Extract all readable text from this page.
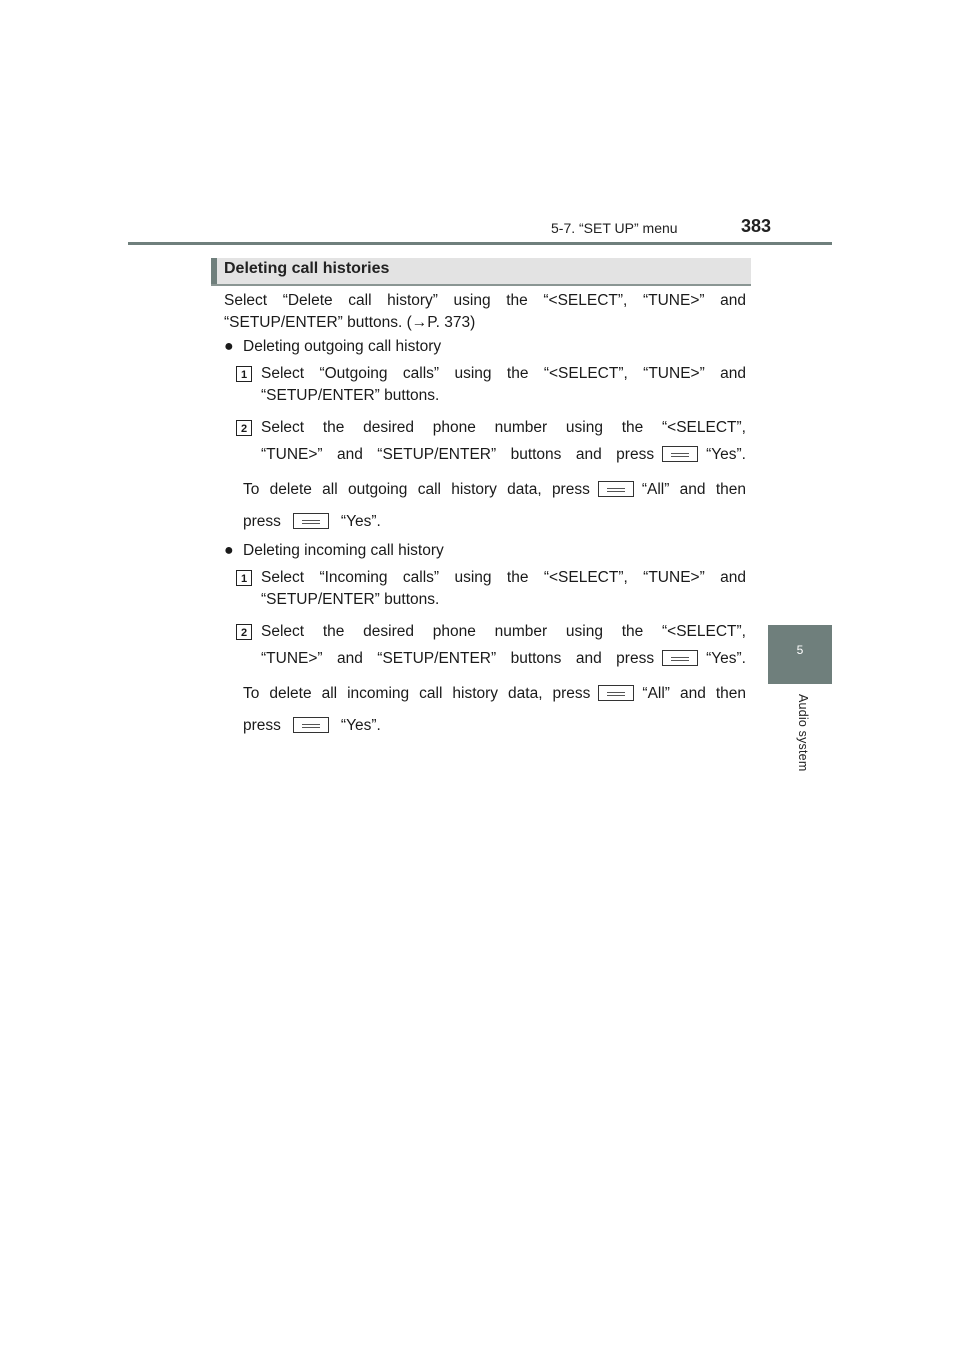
5-7. “SET UP” menu	383
5
Audio system
Deleting call histories
Select “Delete call history” using the “<SELECT”, “TUNE>” and
“SETUP/ENTER” buttons. (→P. 373)
● Deleting outgoing call history
1 Select “Outgoing calls” using the “<SELECT”, “TUNE>” and
“SETUP/ENTER” buttons.
2 Select the desired phone number using the “<SELECT”,
“TUNE>” and “SETUP/ENTER” buttons and press	“Yes”.
To delete all outgoing call history data, press	“All” and then
press	“Yes”.
● Deleting incoming call history
1 Select “Incoming calls” using the “<SELECT”, “TUNE>” and
“SETUP/ENTER” buttons.
2 Select the desired phone number using the “<SELECT”,
“TUNE>” and “SETUP/ENTER” buttons and press	“Yes”.
To delete all incoming call history data, press	“All” and then
press	“Yes”.
